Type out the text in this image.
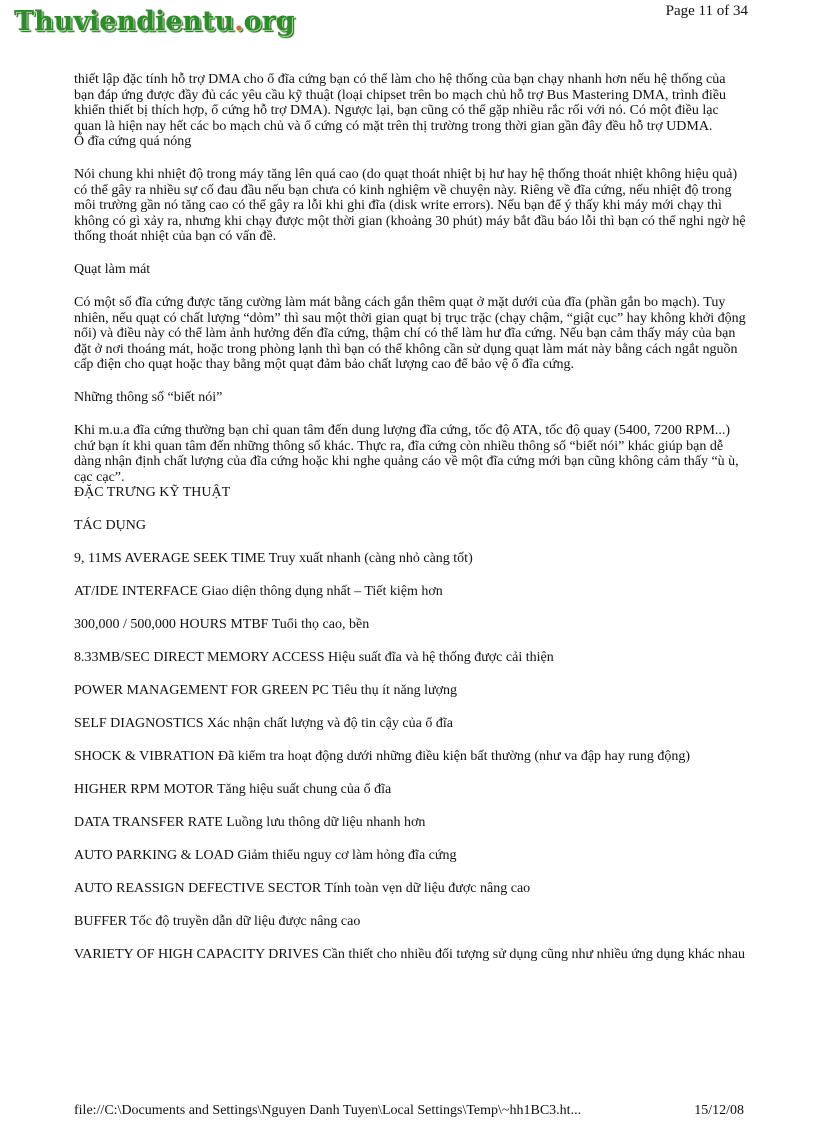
Thuviendientu.org	Page 11 of 34

thiết lập đặc tính hỗ trợ DMA cho ổ đĩa cứng bạn có thể làm cho hệ thống của bạn chạy nhanh hơn nếu hệ thống của bạn đáp ứng được đầy đủ các yêu cầu kỹ thuật (loại chipset trên bo mạch chủ hỗ trợ Bus Mastering DMA, trình điều khiển thiết bị thích hợp, ổ cứng hỗ trợ DMA). Ngược lại, bạn cũng có thể gặp nhiều rắc rối với nó. Có một điều lạc quan là hiện nay hết các bo mạch chủ và ổ cứng có mặt trên thị trường trong thời gian gần đây đều hỗ trợ UDMA.

Ổ đĩa cứng quá nóng

Nói chung khi nhiệt độ trong máy tăng lên quá cao (do quạt thoát nhiệt bị hư hay hệ thống thoát nhiệt không hiệu quả) có thể gây ra nhiều sự cố đau đầu nếu bạn chưa có kinh nghiệm về chuyện này. Riêng về đĩa cứng, nếu nhiệt độ trong môi trường gần nó tăng cao có thể gây ra lỗi khi ghi đĩa (disk write errors). Nếu bạn để ý thấy khi máy mới chạy thì không có gì xảy ra, nhưng khi chạy được một thời gian (khoảng 30 phút) máy bắt đầu báo lỗi thì bạn có thể nghi ngờ hệ thống thoát nhiệt của bạn có vấn đề.

Quạt làm mát

Có một số đĩa cứng được tăng cường làm mát bằng cách gắn thêm quạt ở mặt dưới của đĩa (phần gắn bo mạch). Tuy nhiên, nếu quạt có chất lượng “dỏm” thì sau một thời gian quạt bị trục trặc (chạy chậm, “giật cục” hay không khởi động nổi) và điều này có thể làm ảnh hưởng đến đĩa cứng, thậm chí có thể làm hư đĩa cứng. Nếu bạn cảm thấy máy của bạn đặt ở nơi thoáng mát, hoặc trong phòng lạnh thì bạn có thể không cần sử dụng quạt làm mát này bằng cách ngắt nguồn cấp điện cho quạt hoặc thay bằng một quạt đảm bảo chất lượng cao để bảo vệ ổ đĩa cứng.

Những thông số “biết nói”

Khi m.u.a đĩa cứng thường bạn chỉ quan tâm đến dung lượng đĩa cứng, tốc độ ATA, tốc độ quay (5400, 7200 RPM...) chứ bạn ít khi quan tâm đến những thông số khác. Thực ra, đĩa cứng còn nhiều thông số “biết nói” khác giúp bạn dễ dàng nhận định chất lượng của đĩa cứng hoặc khi nghe quảng cáo về một đĩa cứng mới bạn cũng không cảm thấy “ù ù, cạc cạc”.

ĐẶC TRƯNG KỸ THUẬT

TÁC DỤNG

9, 11MS AVERAGE SEEK TIME Truy xuất nhanh (càng nhỏ càng tốt)

AT/IDE INTERFACE Giao diện thông dụng nhất – Tiết kiệm hơn

300,000 / 500,000 HOURS MTBF Tuổi thọ cao, bền

8.33MB/SEC DIRECT MEMORY ACCESS Hiệu suất đĩa và hệ thống được cải thiện

POWER MANAGEMENT FOR GREEN PC Tiêu thụ ít năng lượng

SELF DIAGNOSTICS Xác nhận chất lượng và độ tin cậy của ổ đĩa

SHOCK & VIBRATION Đã kiểm tra hoạt động dưới những điều kiện bất thường (như va đập hay rung động)

HIGHER RPM MOTOR Tăng hiệu suất chung của ổ đĩa

DATA TRANSFER RATE Luồng lưu thông dữ liệu nhanh hơn

AUTO PARKING & LOAD Giảm thiểu nguy cơ làm hỏng đĩa cứng

AUTO REASSIGN DEFECTIVE SECTOR Tính toàn vẹn dữ liệu được nâng cao

BUFFER Tốc độ truyền dẫn dữ liệu được nâng cao

VARIETY OF HIGH CAPACITY DRIVES Cần thiết cho nhiều đối tượng sử dụng cũng như nhiều ứng dụng khác nhau

file://C:\Documents and Settings\Nguyen Danh Tuyen\Local Settings\Temp\~hh1BC3.ht...	15/12/08
